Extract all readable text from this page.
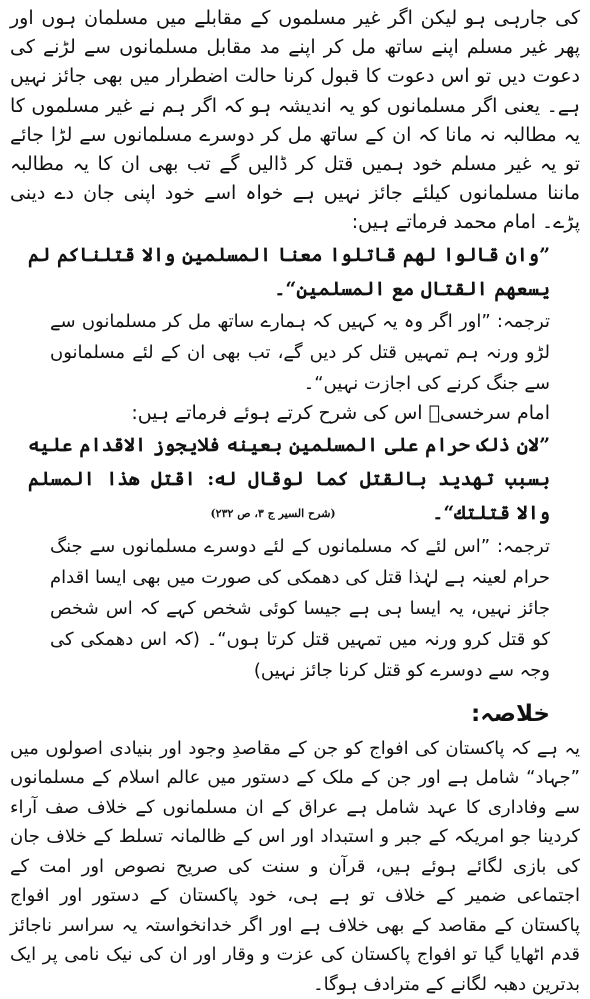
کی جارہی ہو لیکن اگر غیر مسلموں کے مقابلے میں مسلمان ہوں اور پھر غیر مسلم اپنے ساتھ مل کر اپنے مد مقابل مسلمانوں سے لڑنے کی دعوت دیں تو اس دعوت کا قبول کرنا حالت اضطرار میں بھی جائز نہیں ہے۔ یعنی اگر مسلمانوں کو یہ اندیشہ ہو کہ اگر ہم نے غیر مسلموں کا یہ مطالبہ نہ مانا کہ ان کے ساتھ مل کر دوسرے مسلمانوں سے لڑا جائے تو یہ غیر مسلم خود ہمیں قتل کر ڈالیں گے تب بھی ان کا یہ مطالبہ ماننا مسلمانوں کیلئے جائز نہیں ہے خواہ اسے خود اپنی جان دے دینی پڑے۔ امام محمد فرماتے ہیں:

”وان قالوا لهم قاتلوا معنا المسلمين والا قتلناكم لم يسعهم القتال مع المسلمين“۔

ترجمہ: ”اور اگر وہ یہ کہیں کہ ہمارے ساتھ مل کر مسلمانوں سے لڑو ورنہ ہم تمہیں قتل کر دیں گے، تب بھی ان کے لئے مسلمانوں سے جنگ کرنے کی اجازت نہیں“۔

امام سرخسیؒ اس کی شرح کرتے ہوئے فرماتے ہیں:

”لان ذلک حرام علی المسلمين بعينه فلايجوز الاقدام عليه بسبب تهديد بالقتل كما لوقال له: اقتل هذا المسلم والا قتلتك“۔ (شرح السیر ج ۳، ص ۲۳۲)

ترجمہ: ”اس لئے کہ مسلمانوں کے لئے دوسرے مسلمانوں سے جنگ حرام لعینہ ہے لہٰذا قتل کی دھمکی کی صورت میں بھی ایسا اقدام جائز نہیں، یہ ایسا ہی ہے جیسا کوئی شخص کہے کہ اس شخص کو قتل کرو ورنہ میں تمہیں قتل کرتا ہوں“۔ (کہ اس دھمکی کی وجہ سے دوسرے کو قتل کرنا جائز نہیں)

خلاصہ:

یہ ہے کہ پاکستان کی افواج کو جن کے مقاصدِ وجود اور بنیادی اصولوں میں ”جہاد“ شامل ہے اور جن کے ملک کے دستور میں عالم اسلام کے مسلمانوں سے وفاداری کا عہد شامل ہے عراق کے ان مسلمانوں کے خلاف صف آراء کردینا جو امریکہ کے جبر و استبداد اور اس کے ظالمانہ تسلط کے خلاف جان کی بازی لگائے ہوئے ہیں، قرآن و سنت کی صریح نصوص اور امت کے اجتماعی ضمیر کے خلاف تو ہے ہی، خود پاکستان کے دستور اور افواج پاکستان کے مقاصد کے بھی خلاف ہے اور اگر خدانخواستہ یہ سراسر ناجائز قدم اٹھایا گیا تو افواج پاکستان کی عزت و وقار اور ان کی نیک نامی پر ایک بدترین دھبہ لگانے کے مترادف ہوگا۔
